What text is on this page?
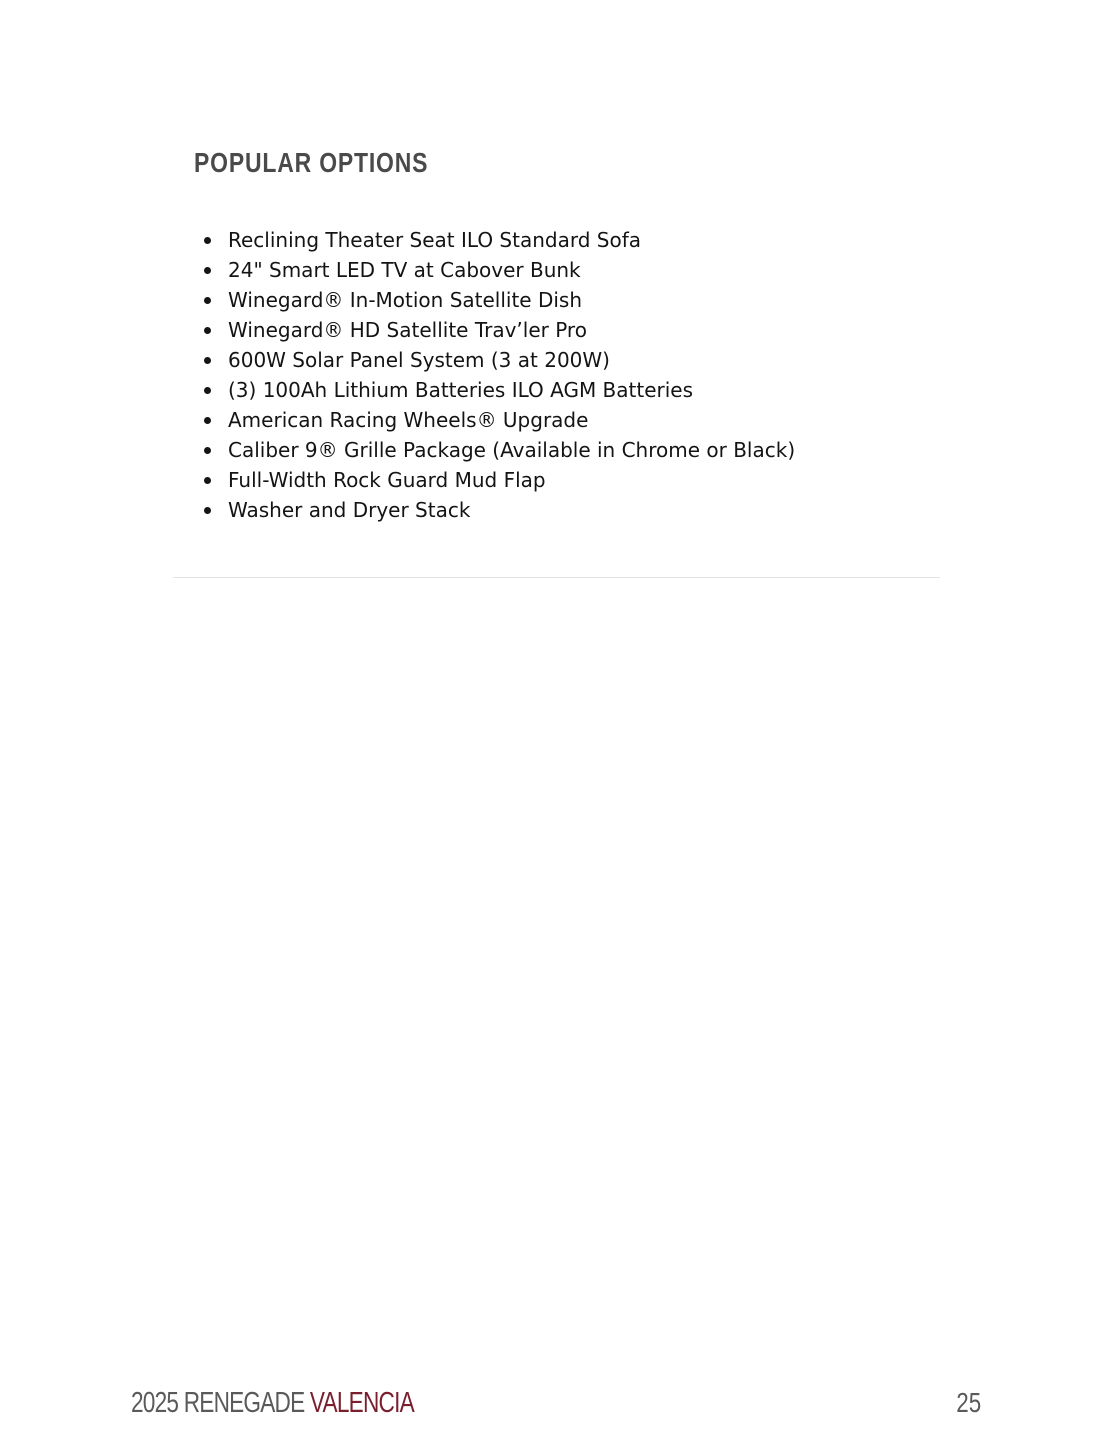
POPULAR OPTIONS
Reclining Theater Seat ILO Standard Sofa
24" Smart LED TV at Cabover Bunk
Winegard® In-Motion Satellite Dish
Winegard® HD Satellite Trav’ler Pro
600W Solar Panel System (3 at 200W)
(3) 100Ah Lithium Batteries ILO AGM Batteries
American Racing Wheels® Upgrade
Caliber 9® Grille Package (Available in Chrome or Black)
Full-Width Rock Guard Mud Flap
Washer and Dryer Stack
2025 RENEGADE VALENCIA	25
